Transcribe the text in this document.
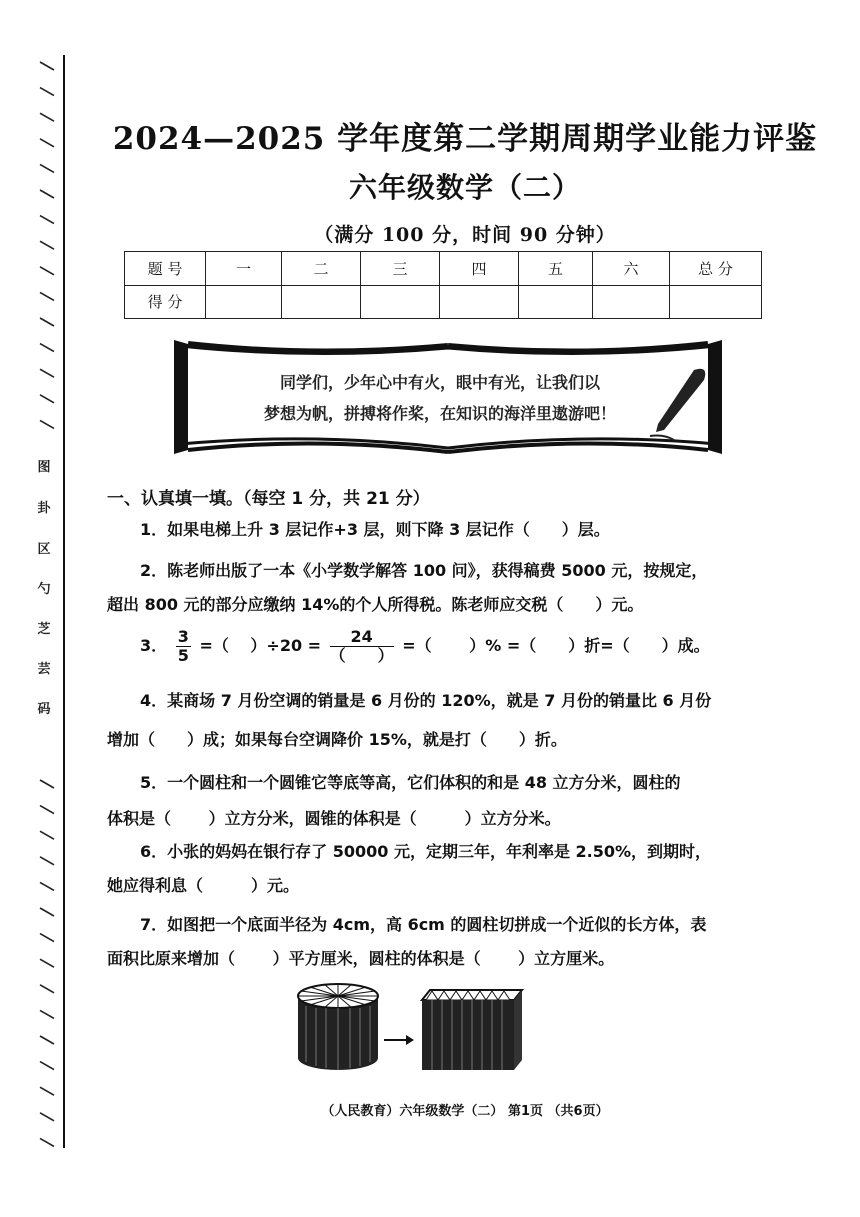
图
卦
区
勺
芝
芸
码
2024—2025 学年度第二学期周期学业能力评鉴
六年级数学（二）
（满分 100 分，时间 90 分钟）
题 号	一	二	三	四	五	六	总 分
得 分							
同学们，少年心中有火，眼中有光，让我们以
梦想为帆，拼搏将作桨，在知识的海洋里遨游吧！
一、认真填一填。（每空 1 分，共 21 分）
1．如果电梯上升 3 层记作+3 层，则下降 3 层记作（　　）层。
2．陈老师出版了一本《小学数学解答 100 问》，获得稿费 5000 元，按规定，
超出 800 元的部分应缴纳 14%的个人所得税。陈老师应交税（　　）元。
3． $\frac{3}{5}$ =（　 ）$\div 20 = \frac{24}{( )}$ =（　　 ）% =（　　）折=（　　）成。
4．某商场 7 月份空调的销量是 6 月份的 120%，就是 7 月份的销量比 6 月份
增加（　　）成；如果每台空调降价 15%，就是打（　　）折。
5．一个圆柱和一个圆锥它等底等高，它们体积的和是 48 立方分米，圆柱的
体积是（　　 ）立方分米，圆锥的体积是（　　　）立方分米。
6．小张的妈妈在银行存了 50000 元，定期三年，年利率是 2.50%，到期时，
她应得利息（　　　）元。
7．如图把一个底面半径为 4cm，高 6cm 的圆柱切拼成一个近似的长方体，表
面积比原来增加（　　 ）平方厘米，圆柱的体积是（　　 ）立方厘米。
（人民教育）六年级数学（二） 第1页 （共6页）
